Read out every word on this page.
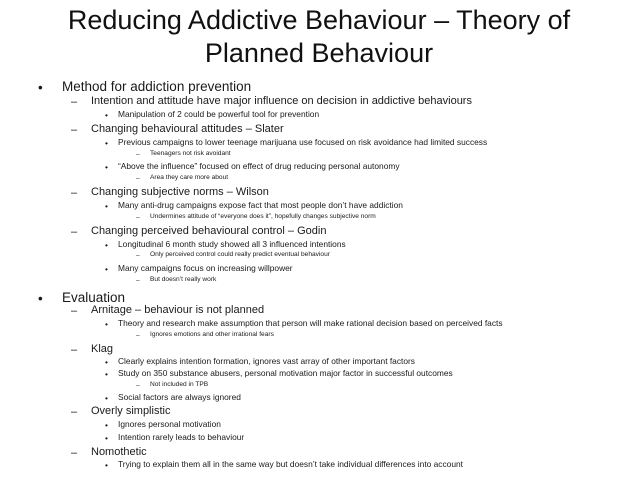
Reducing Addictive Behaviour – Theory of
Planned Behaviour
• Method for addiction prevention
– Intention and attitude have major influence on decision in addictive behaviours
• Manipulation of 2 could be powerful tool for prevention
– Changing behavioural attitudes – Slater
• Previous campaigns to lower teenage marijuana use focused on risk avoidance had limited success
– Teenagers not risk avoidant
• “Above the influence” focused on effect of drug reducing personal autonomy
– Area they care more about
– Changing subjective norms – Wilson
• Many anti-drug campaigns expose fact that most people don’t have addiction
– Undermines attitude of “everyone does it”, hopefully changes subjective norm
– Changing perceived behavioural control – Godin
• Longitudinal 6 month study showed all 3 influenced intentions
– Only perceived control could really predict eventual behaviour
• Many campaigns focus on increasing willpower
– But doesn’t really work
• Evaluation
– Arnitage – behaviour is not planned
• Theory and research make assumption that person will make rational decision based on perceived facts
– Ignores emotions and other irrational fears
– Klag
• Clearly explains intention formation, ignores vast array of other important factors
• Study on 350 substance abusers, personal motivation major factor in successful outcomes
– Not included in TPB
• Social factors are always ignored
– Overly simplistic
• Ignores personal motivation
• Intention rarely leads to behaviour
– Nomothetic
• Trying to explain them all in the same way but doesn’t take individual differences into account
